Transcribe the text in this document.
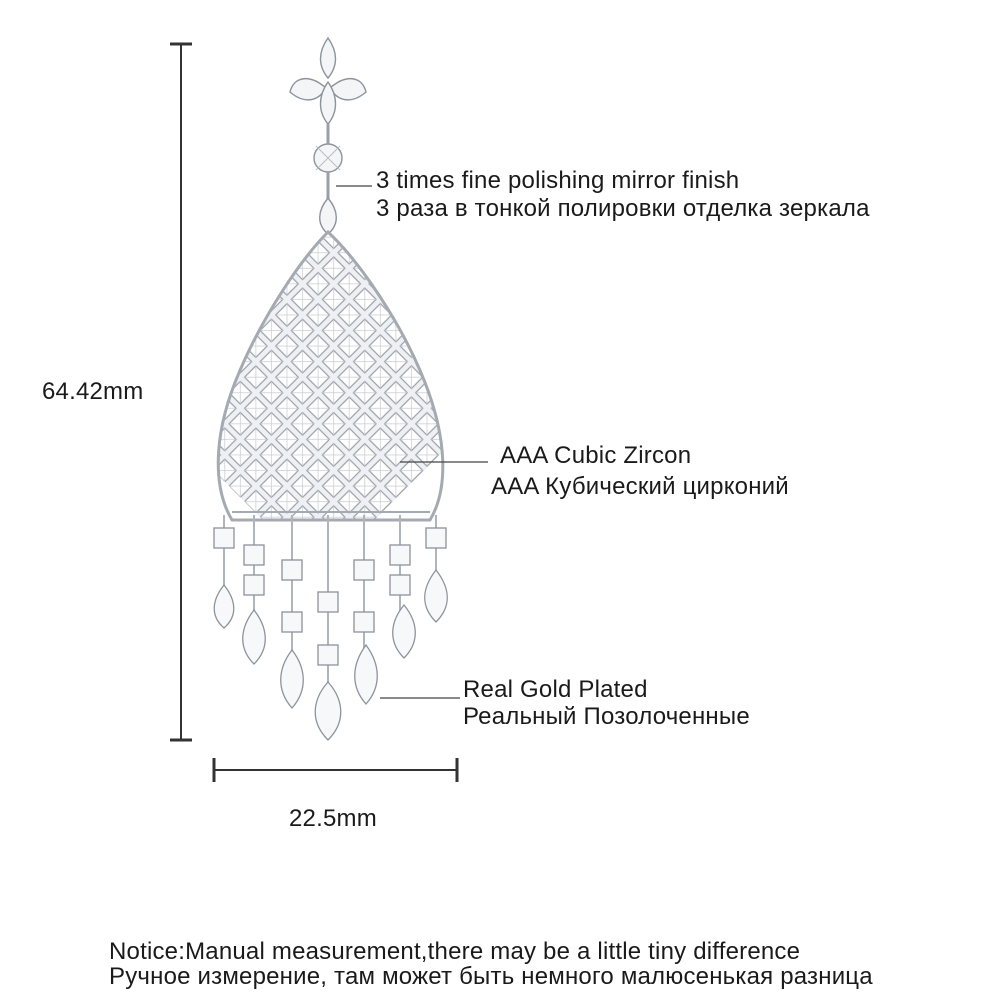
64.42mm
22.5mm
3 times fine polishing mirror finish
3 раза в тонкой полировки отделка зеркала
AAA Cubic Zircon
AAA Кубический цирконий
Real Gold Plated
Реальный Позолоченные
Notice:Manual measurement,there may be a little tiny difference
Ручное измерение, там может быть немного малюсенькая разница
